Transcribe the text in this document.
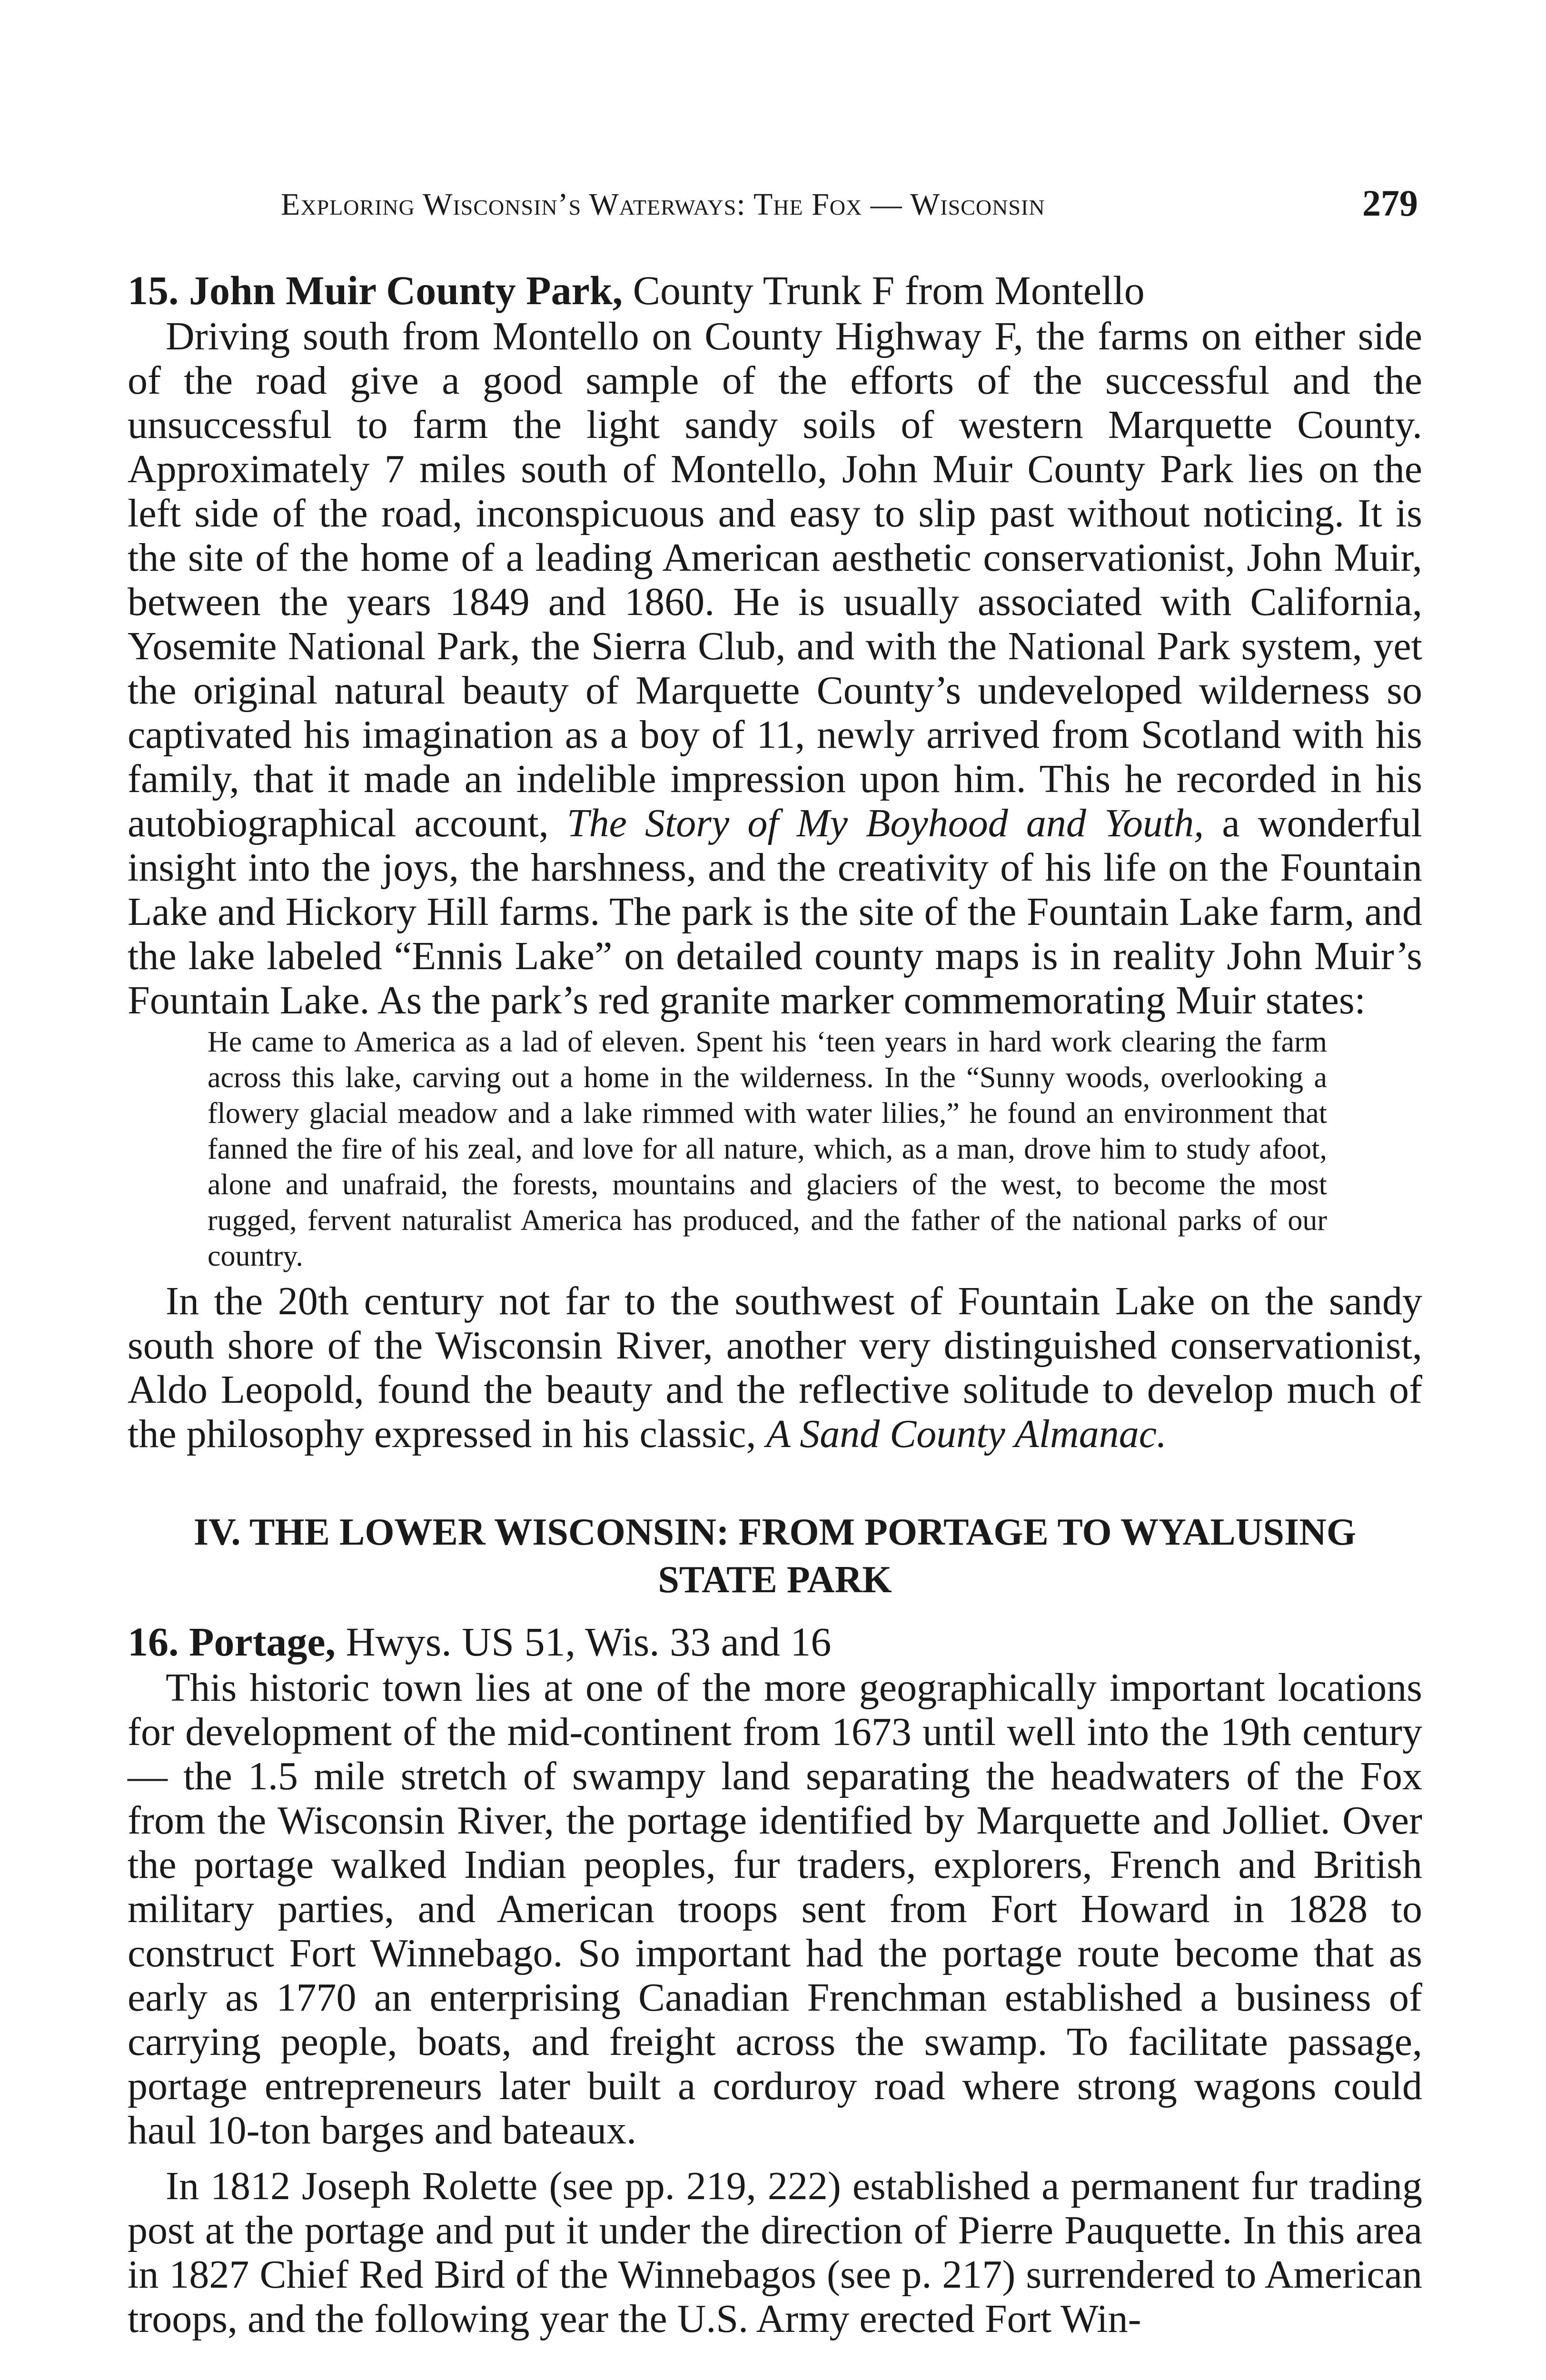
Exploring Wisconsin’s Waterways: The Fox — Wisconsin	279

15. John Muir County Park, County Trunk F from Montello

Driving south from Montello on County Highway F, the farms on either side of the road give a good sample of the efforts of the successful and the unsuccessful to farm the light sandy soils of western Marquette County. Approximately 7 miles south of Montello, John Muir County Park lies on the left side of the road, inconspicuous and easy to slip past without noticing. It is the site of the home of a leading American aesthetic conservationist, John Muir, between the years 1849 and 1860. He is usually associated with California, Yosemite National Park, the Sierra Club, and with the National Park system, yet the original natural beauty of Marquette County’s undeveloped wilderness so captivated his imagination as a boy of 11, newly arrived from Scotland with his family, that it made an indelible impression upon him. This he recorded in his autobiographical account, The Story of My Boyhood and Youth, a wonderful insight into the joys, the harshness, and the creativity of his life on the Fountain Lake and Hickory Hill farms. The park is the site of the Fountain Lake farm, and the lake labeled “Ennis Lake” on detailed county maps is in reality John Muir’s Fountain Lake. As the park’s red granite marker commemorating Muir states:

He came to America as a lad of eleven. Spent his ‘teen years in hard work clearing the farm across this lake, carving out a home in the wilderness. In the “Sunny woods, overlooking a flowery glacial meadow and a lake rimmed with water lilies,” he found an environment that fanned the fire of his zeal, and love for all nature, which, as a man, drove him to study afoot, alone and unafraid, the forests, mountains and glaciers of the west, to become the most rugged, fervent naturalist America has produced, and the father of the national parks of our country.

In the 20th century not far to the southwest of Fountain Lake on the sandy south shore of the Wisconsin River, another very distinguished conservationist, Aldo Leopold, found the beauty and the reflective solitude to develop much of the philosophy expressed in his classic, A Sand County Almanac.

IV. THE LOWER WISCONSIN: FROM PORTAGE TO WYALUSING STATE PARK

16. Portage, Hwys. US 51, Wis. 33 and 16

This historic town lies at one of the more geographically important locations for development of the mid-continent from 1673 until well into the 19th century — the 1.5 mile stretch of swampy land separating the headwaters of the Fox from the Wisconsin River, the portage identified by Marquette and Jolliet. Over the portage walked Indian peoples, fur traders, explorers, French and British military parties, and American troops sent from Fort Howard in 1828 to construct Fort Winnebago. So important had the portage route become that as early as 1770 an enterprising Canadian Frenchman established a business of carrying people, boats, and freight across the swamp. To facilitate passage, portage entrepreneurs later built a corduroy road where strong wagons could haul 10-ton barges and bateaux.

In 1812 Joseph Rolette (see pp. 219, 222) established a permanent fur trading post at the portage and put it under the direction of Pierre Pauquette. In this area in 1827 Chief Red Bird of the Winnebagos (see p. 217) surrendered to American troops, and the following year the U.S. Army erected Fort Win-
